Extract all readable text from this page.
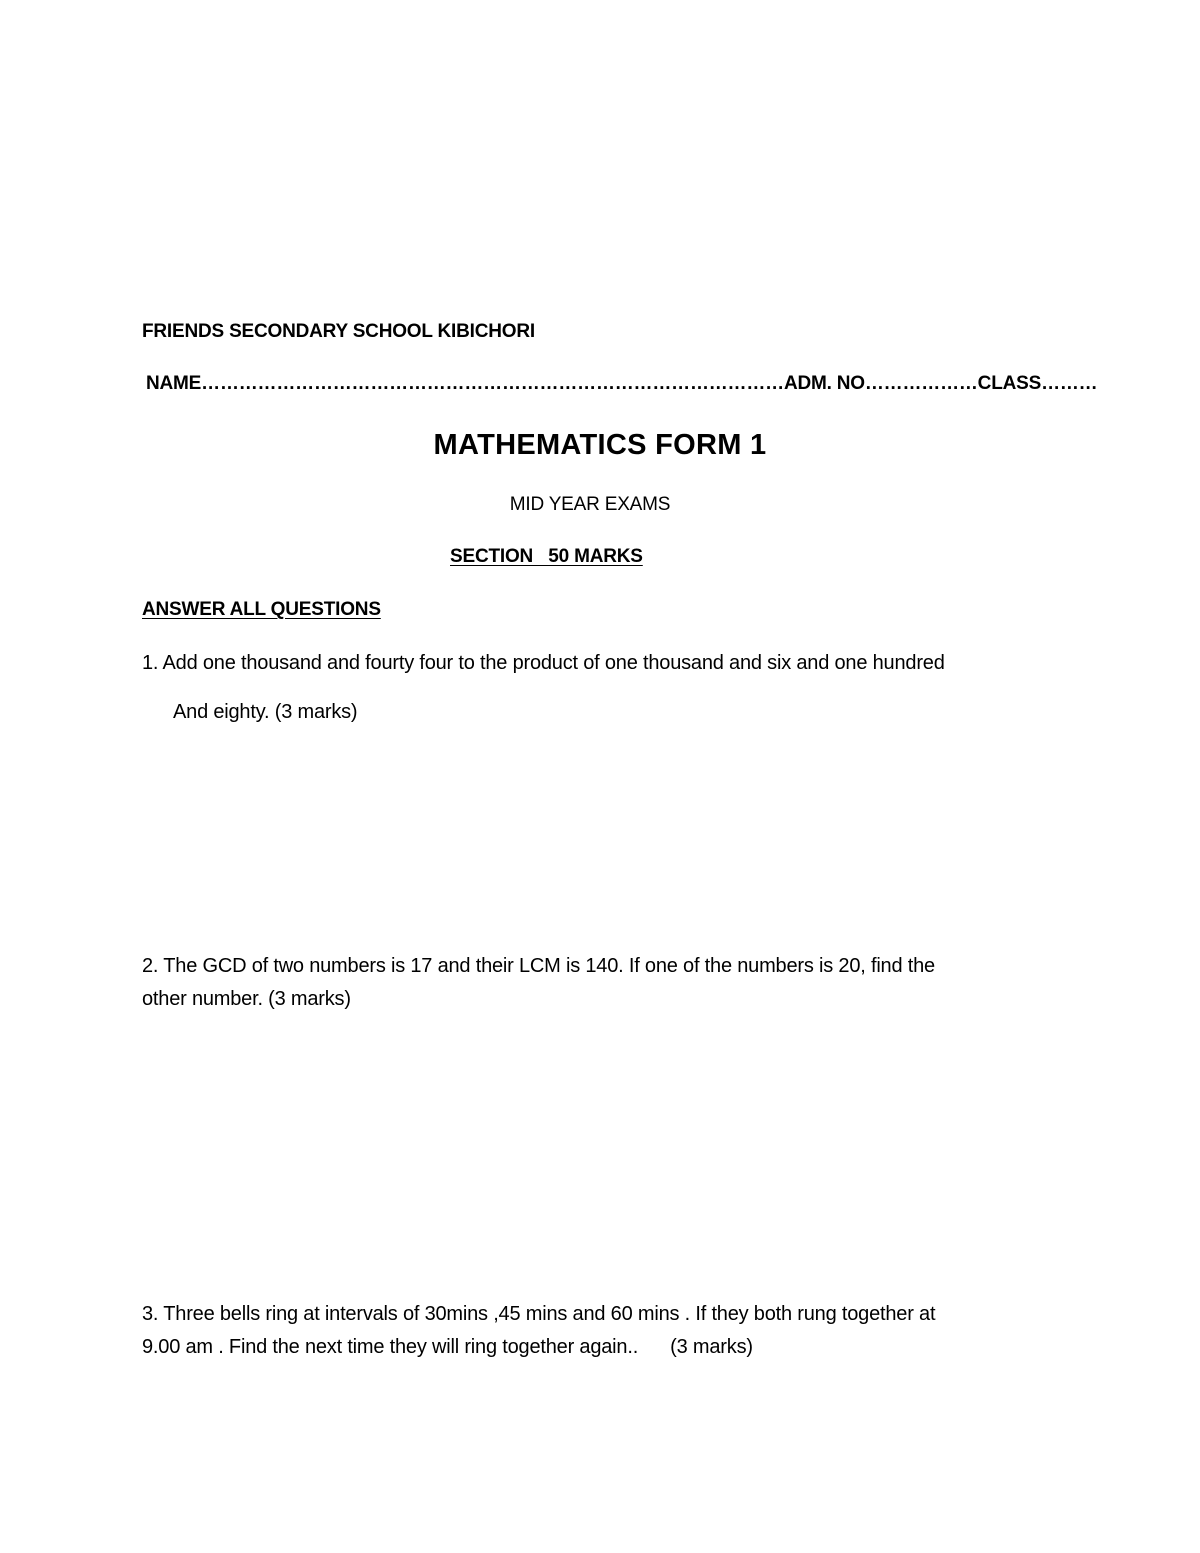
FRIENDS SECONDARY SCHOOL KIBICHORI
NAME…………………………………………………………………………………ADM. NO………………CLASS………
MATHEMATICS FORM 1
MID YEAR EXAMS
SECTION   50 MARKS
ANSWER ALL QUESTIONS
1. Add one thousand and fourty four to the product of one thousand and six and one hundred
And eighty. (3 marks)
2. The GCD of two numbers is 17 and their LCM is 140. If one of the numbers is 20, find the
other number. (3 marks)
3. Three bells ring at intervals of 30mins ,45 mins and 60 mins . If they both rung together at
9.00 am . Find the next time they will ring together again..      (3 marks)
